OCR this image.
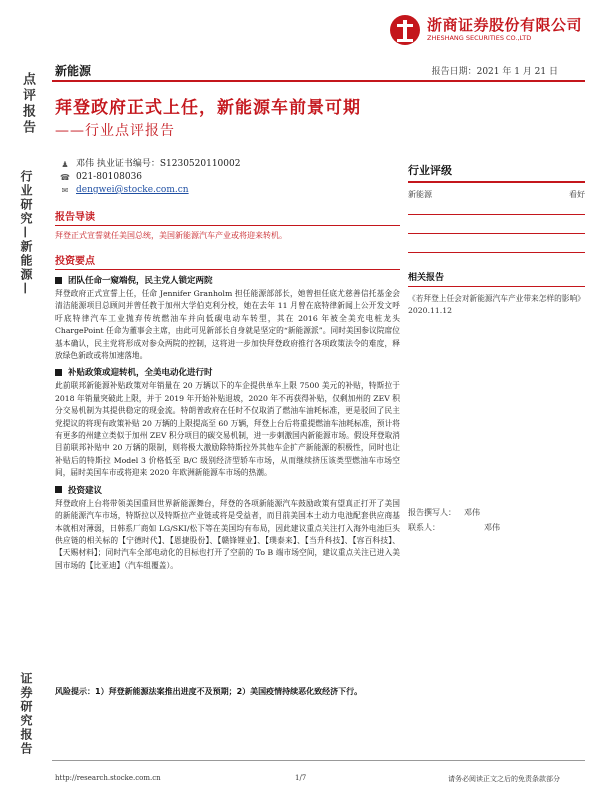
浙商证券股份有限公司
ZHESHANG SECURITIES CO.,LTD
点评报告
行业研究—新能源—
证券研究报告
新能源	报告日期：2021 年 1 月 21 日
拜登政府正式上任，新能源车前景可期
——行业点评报告
♟ 邓伟 执业证书编号：S1230520110002
☎ 021-80108036
✉ dengwei@stocke.com.cn
报告导读
拜登正式宣誓就任美国总统，美国新能源汽车产业或将迎来转机。
投资要点
团队任命一窥端倪，民主党人锁定两院
拜登政府正式宣誓上任，任命 Jennifer Granholm 担任能源部部长，她曾担任底尤慈善信托基金会清洁能源项目总顾问并曾任教于加州大学伯克利分校，她在去年 11 月曾在底特律新闻上公开发文呼吁底特律汽车工业抛弃传统燃油车并向低碳电动车转型，其在 2016 年被全美充电桩龙头 ChargePoint 任命为董事会主席，由此可见新部长自身就是坚定的“新能源派”。同时美国参议院席位基本确认，民主党将形成对参众两院的控制，这将进一步加快拜登政府推行各项政策法令的难度，释放绿色新政或将加速落地。
补贴政策或迎转机，全美电动化进行时
此前联邦新能源补贴政策对年销量在 20 万辆以下的车企提供单车上限 7500 美元的补贴，特斯拉于 2018 年销量突破此上限，并于 2019 年开始补贴退坡，2020 年不再获得补贴，仅剩加州的 ZEV 积分交易机制为其提供稳定的现金流。特朗普政府在任时不仅取消了燃油车油耗标准，更是驳回了民主党提议的将现有政策补贴 20 万辆的上限提高至 60 万辆，拜登上台后将重提燃油车油耗标准，预计将有更多的州建立类似于加州 ZEV 积分项目的碳交易机制，进一步刺激国内新能源市场。假设拜登取消目前联邦补贴中 20 万辆的限制，则将极大激励除特斯拉外其他车企扩产新能源的积极性，同时也让补贴后的特斯拉 Model 3 价格低至 B/C 级别经济型轿车市场，从而继续挤压该类型燃油车市场空间，届时美国车市或将迎来 2020 年欧洲新能源车市场的热潮。
投资建议
拜登政府上台将带领美国重回世界新能源舞台，拜登的各项新能源汽车鼓励政策有望真正打开了美国的新能源汽车市场，特斯拉以及特斯拉产业链或将是受益者，而目前美国本土动力电池配套供应商基本就相对薄弱，日韩系厂商如 LG/SKI/松下等在美国均有布局，因此建议重点关注打入海外电池巨头供应链的相关标的【宁德时代】、【恩捷股份】、【赣锋锂业】、【璞泰来】、【当升科技】、【容百科技】、【天赐材料】；同时汽车全部电动化的目标也打开了空前的 To B 端市场空间，建议重点关注已进入美国市场的【比亚迪】（汽车组覆盖）。
风险提示：1）拜登新能源法案推出进度不及预期；2）美国疫情持续恶化致经济下行。
行业评级
新能源	看好
相关报告
《若拜登上任会对新能源汽车产业带来怎样的影响》2020.11.12
报告撰写人：	邓伟
联系人：	邓伟
http://research.stocke.com.cn	1/7	请务必阅读正文之后的免责条款部分
